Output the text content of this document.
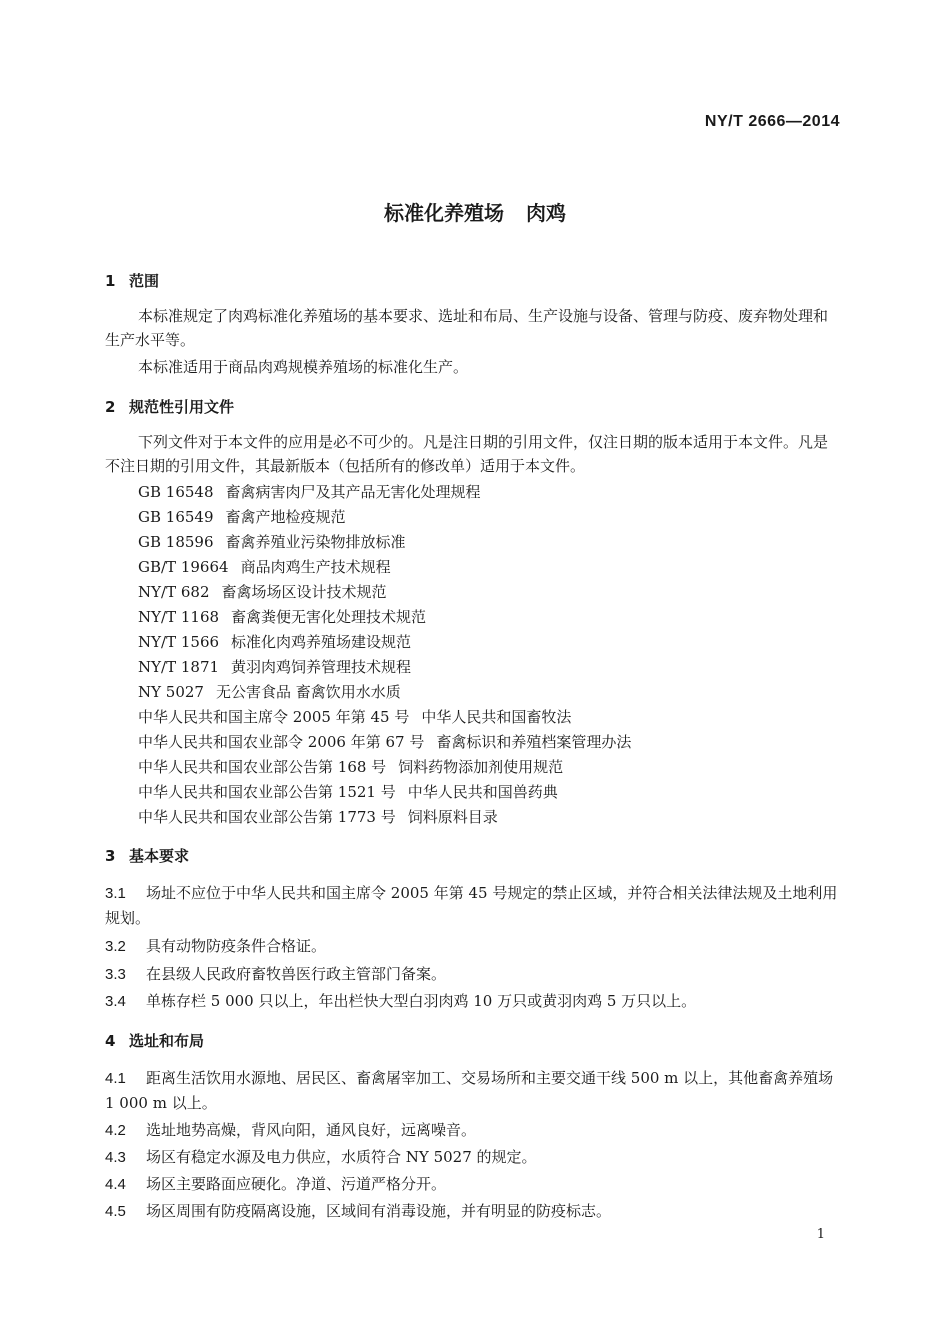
NY/T 2666—2014
标准化养殖场 肉鸡
1 范围
本标准规定了肉鸡标准化养殖场的基本要求、选址和布局、生产设施与设备、管理与防疫、废弃物处理和生产水平等。
本标准适用于商品肉鸡规模养殖场的标准化生产。
2 规范性引用文件
下列文件对于本文件的应用是必不可少的。凡是注日期的引用文件，仅注日期的版本适用于本文件。凡是不注日期的引用文件，其最新版本（包括所有的修改单）适用于本文件。
GB 16548 畜禽病害肉尸及其产品无害化处理规程
GB 16549 畜禽产地检疫规范
GB 18596 畜禽养殖业污染物排放标准
GB/T 19664 商品肉鸡生产技术规程
NY/T 682 畜禽场场区设计技术规范
NY/T 1168 畜禽粪便无害化处理技术规范
NY/T 1566 标准化肉鸡养殖场建设规范
NY/T 1871 黄羽肉鸡饲养管理技术规程
NY 5027 无公害食品 畜禽饮用水水质
中华人民共和国主席令 2005 年第 45 号 中华人民共和国畜牧法
中华人民共和国农业部令 2006 年第 67 号 畜禽标识和养殖档案管理办法
中华人民共和国农业部公告第 168 号 饲料药物添加剂使用规范
中华人民共和国农业部公告第 1521 号 中华人民共和国兽药典
中华人民共和国农业部公告第 1773 号 饲料原料目录
3 基本要求
3.1 场址不应位于中华人民共和国主席令 2005 年第 45 号规定的禁止区域，并符合相关法律法规及土地利用规划。
3.2 具有动物防疫条件合格证。
3.3 在县级人民政府畜牧兽医行政主管部门备案。
3.4 单栋存栏 5 000 只以上，年出栏快大型白羽肉鸡 10 万只或黄羽肉鸡 5 万只以上。
4 选址和布局
4.1 距离生活饮用水源地、居民区、畜禽屠宰加工、交易场所和主要交通干线 500 m 以上，其他畜禽养殖场 1 000 m 以上。
4.2 选址地势高燥，背风向阳，通风良好，远离噪音。
4.3 场区有稳定水源及电力供应，水质符合 NY 5027 的规定。
4.4 场区主要路面应硬化。净道、污道严格分开。
4.5 场区周围有防疫隔离设施，区域间有消毒设施，并有明显的防疫标志。
1
